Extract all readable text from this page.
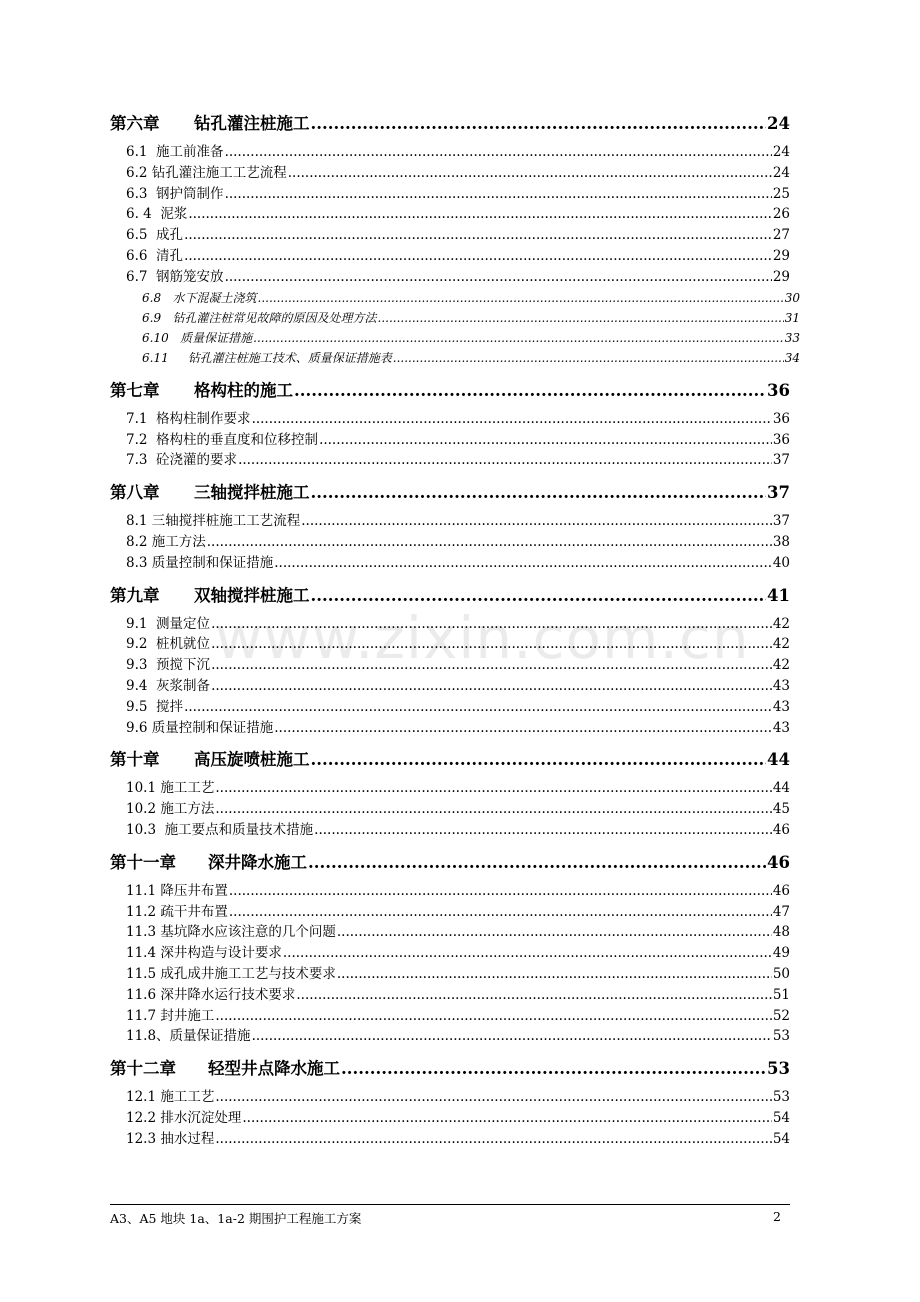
www.zixin.com.cn
第六章 钻孔灌注桩施工 .....	24
6.1  施工前准备 .....	24
6.2 钻孔灌注施工工艺流程 .....	24
6.3  钢护筒制作 .....	25
6. 4  泥浆 .....	26
6.5  成孔 .....	27
6.6  清孔 .....	29
6.7  钢筋笼安放 .....	29
6.8   水下混凝土浇筑 .....	30
6.9   钻孔灌注桩常见故障的原因及处理方法 .....	31
6.10   质量保证措施 .....	33
6.11     钻孔灌注桩施工技术、质量保证措施表 .....	34
第七章 格构柱的施工 .....	36
7.1  格构柱制作要求 .....	36
7.2  格构柱的垂直度和位移控制 .....	36
7.3  砼浇灌的要求 .....	37
第八章 三轴搅拌桩施工 .....	37
8.1 三轴搅拌桩施工工艺流程 .....	37
8.2 施工方法 .....	38
8.3 质量控制和保证措施 .....	40
第九章 双轴搅拌桩施工 .....	41
9.1  测量定位 .....	42
9.2  桩机就位 .....	42
9.3  预搅下沉 .....	42
9.4  灰浆制备 .....	43
9.5  搅拌 .....	43
9.6 质量控制和保证措施 .....	43
第十章 高压旋喷桩施工 .....	44
10.1 施工工艺 .....	44
10.2 施工方法 .....	45
10.3  施工要点和质量技术措施 .....	46
第十一章 深井降水施工 .....	46
11.1 降压井布置 .....	46
11.2 疏干井布置 .....	47
11.3 基坑降水应该注意的几个问题 .....	48
11.4 深井构造与设计要求 .....	49
11.5 成孔成井施工工艺与技术要求 .....	50
11.6 深井降水运行技术要求 .....	51
11.7 封井施工 .....	52
11.8、质量保证措施 .....	53
第十二章 轻型井点降水施工 .....	53
12.1 施工工艺 .....	53
12.2 排水沉淀处理 .....	54
12.3 抽水过程 .....	54
A3、A5 地块 1a、1a-2 期围护工程施工方案	2
